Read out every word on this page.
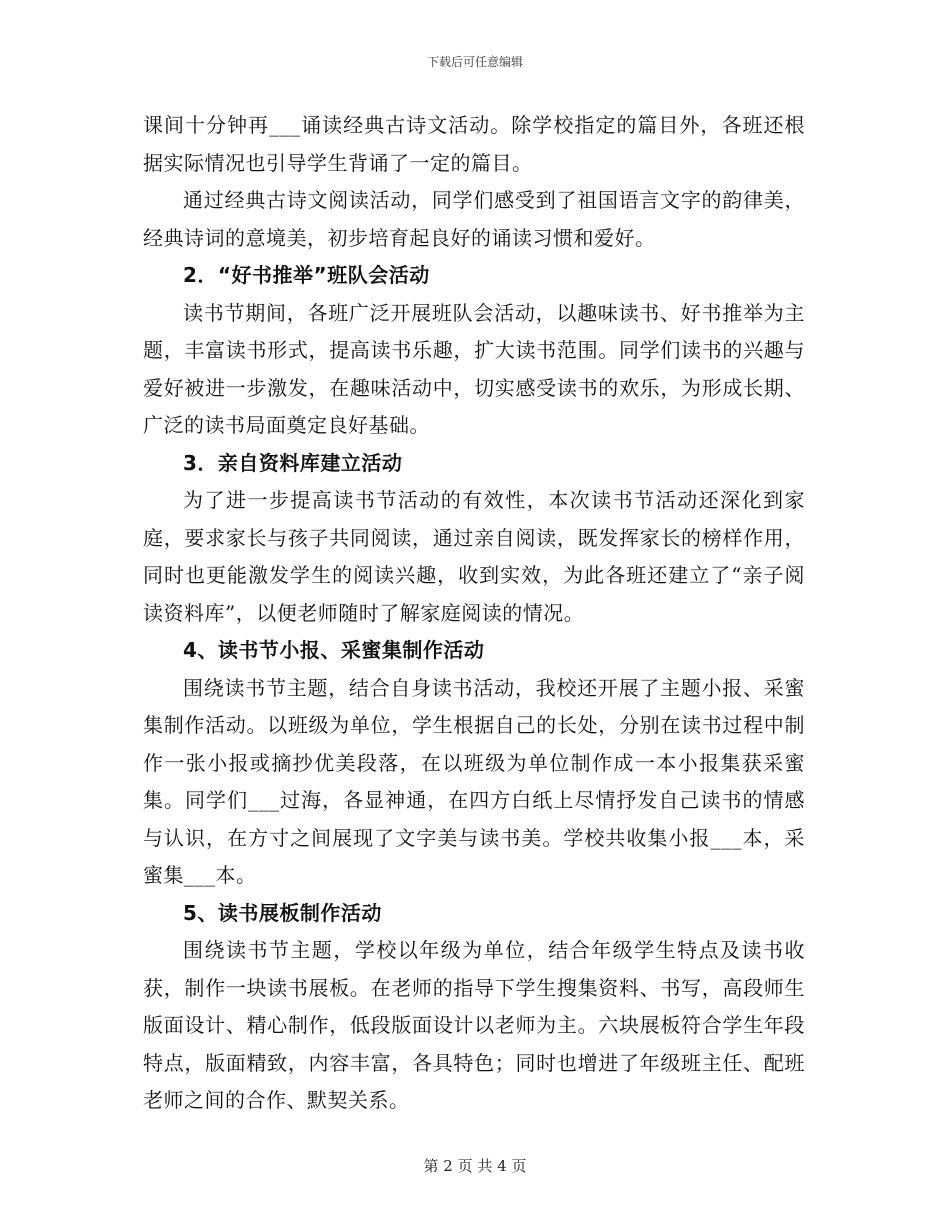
下载后可任意编辑

课间十分钟再___诵读经典古诗文活动。除学校指定的篇目外，各班还根据实际情况也引导学生背诵了一定的篇目。

通过经典古诗文阅读活动，同学们感受到了祖国语言文字的韵律美，经典诗词的意境美，初步培育起良好的诵读习惯和爱好。

2．“好书推举”班队会活动

读书节期间，各班广泛开展班队会活动，以趣味读书、好书推举为主题，丰富读书形式，提高读书乐趣，扩大读书范围。同学们读书的兴趣与爱好被进一步激发，在趣味活动中，切实感受读书的欢乐，为形成长期、广泛的读书局面奠定良好基础。

3．亲自资料库建立活动

为了进一步提高读书节活动的有效性，本次读书节活动还深化到家庭，要求家长与孩子共同阅读，通过亲自阅读，既发挥家长的榜样作用，同时也更能激发学生的阅读兴趣，收到实效，为此各班还建立了“亲子阅读资料库”，以便老师随时了解家庭阅读的情况。

4、读书节小报、采蜜集制作活动

围绕读书节主题，结合自身读书活动，我校还开展了主题小报、采蜜集制作活动。以班级为单位，学生根据自己的长处，分别在读书过程中制作一张小报或摘抄优美段落，在以班级为单位制作成一本小报集获采蜜集。同学们___过海，各显神通，在四方白纸上尽情抒发自己读书的情感与认识，在方寸之间展现了文字美与读书美。学校共收集小报___本，采蜜集___本。

5、读书展板制作活动

围绕读书节主题，学校以年级为单位，结合年级学生特点及读书收获，制作一块读书展板。在老师的指导下学生搜集资料、书写，高段师生版面设计、精心制作，低段版面设计以老师为主。六块展板符合学生年段特点，版面精致，内容丰富，各具特色；同时也增进了年级班主任、配班老师之间的合作、默契关系。

第 2 页 共 4 页
